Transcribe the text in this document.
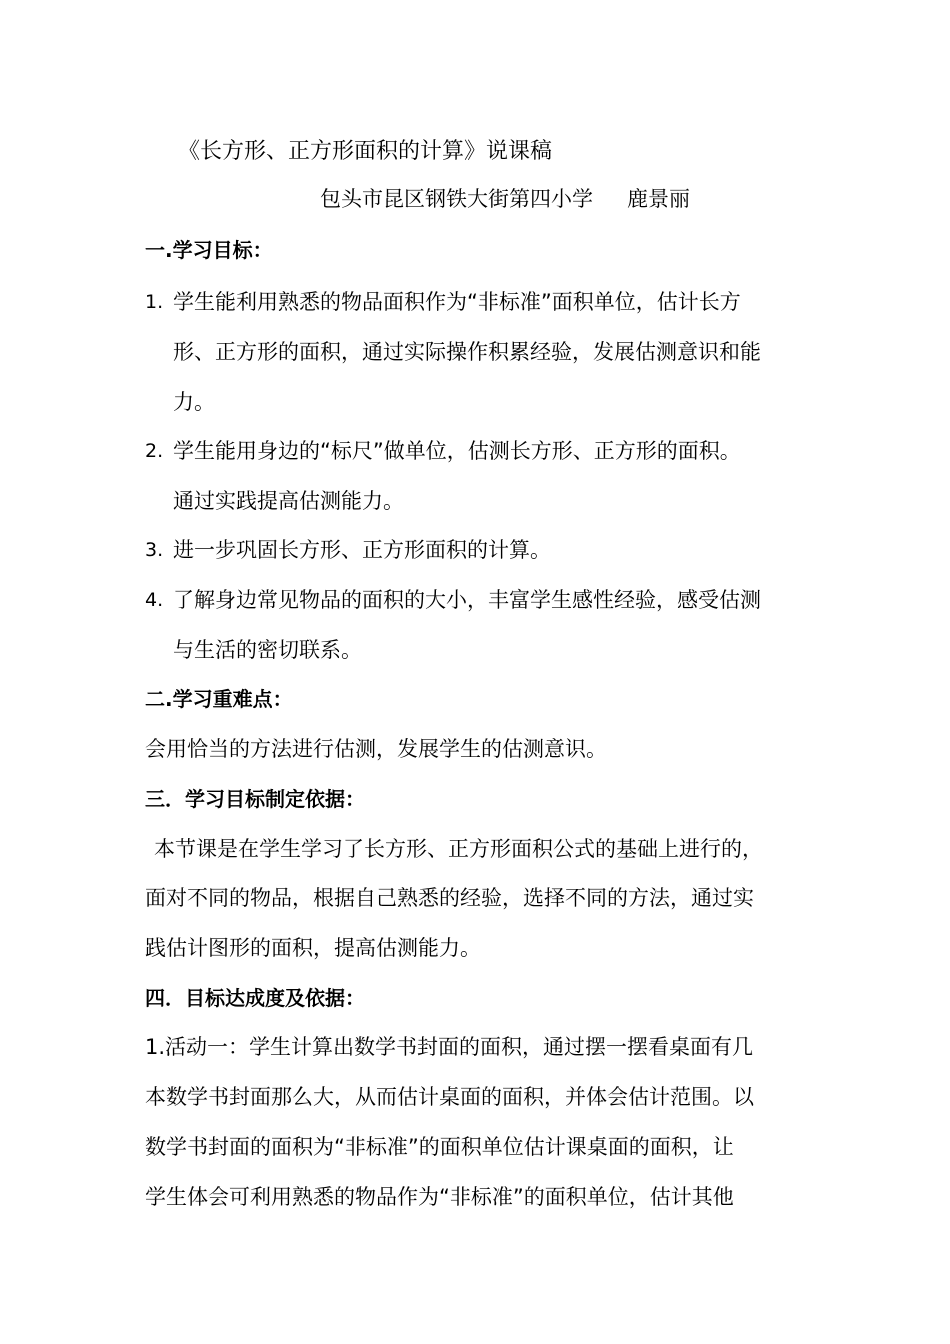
《长方形、正方形面积的计算》说课稿
包头市昆区钢铁大街第四小学 鹿景丽
一.学习目标：
1. 学生能利用熟悉的物品面积作为“非标准”面积单位，估计长方
形、正方形的面积，通过实际操作积累经验，发展估测意识和能
力。
2. 学生能用身边的“标尺”做单位，估测长方形、正方形的面积。
通过实践提高估测能力。
3. 进一步巩固长方形、正方形面积的计算。
4. 了解身边常见物品的面积的大小，丰富学生感性经验，感受估测
与生活的密切联系。
二.学习重难点：
会用恰当的方法进行估测，发展学生的估测意识。
三．学习目标制定依据：
本节课是在学生学习了长方形、正方形面积公式的基础上进行的，
面对不同的物品，根据自己熟悉的经验，选择不同的方法，通过实
践估计图形的面积，提高估测能力。
四．目标达成度及依据：
1.活动一：学生计算出数学书封面的面积，通过摆一摆看桌面有几
本数学书封面那么大，从而估计桌面的面积，并体会估计范围。以
数学书封面的面积为“非标准”的面积单位估计课桌面的面积，让
学生体会可利用熟悉的物品作为“非标准”的面积单位，估计其他
